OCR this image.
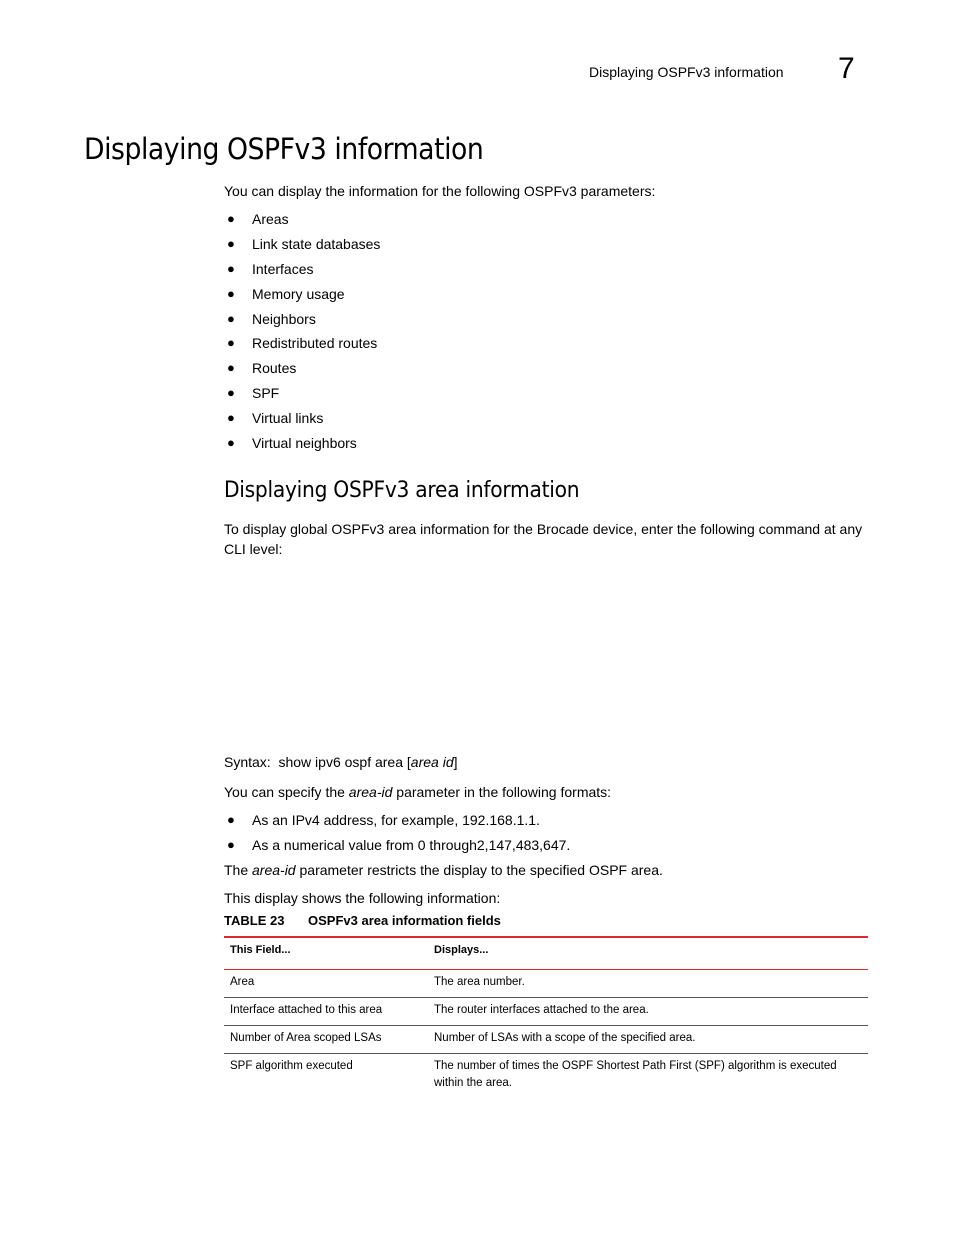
Displaying OSPFv3 information 7
Displaying OSPFv3 information

You can display the information for the following OSPFv3 parameters:

● Areas
● Link state databases
● Interfaces
● Memory usage
● Neighbors
● Redistributed routes
● Routes
● SPF
● Virtual links
● Virtual neighbors
Displaying OSPFv3 area information

To display global OSPFv3 area information for the Brocade device, enter the following command at any CLI level:

Syntax: show ipv6 ospf area [area id]

You can specify the area-id parameter in the following formats:

● As an IPv4 address, for example, 192.168.1.1.
● As a numerical value from 0 through2,147,483,647.

The area-id parameter restricts the display to the specified OSPF area.

This display shows the following information:

TABLE 23 OSPFv3 area information fields
This Field...	Displays...
Area	The area number.
Interface attached to this area	The router interfaces attached to the area.
Number of Area scoped LSAs	Number of LSAs with a scope of the specified area.
SPF algorithm executed	The number of times the OSPF Shortest Path First (SPF) algorithm is executed within the area.
